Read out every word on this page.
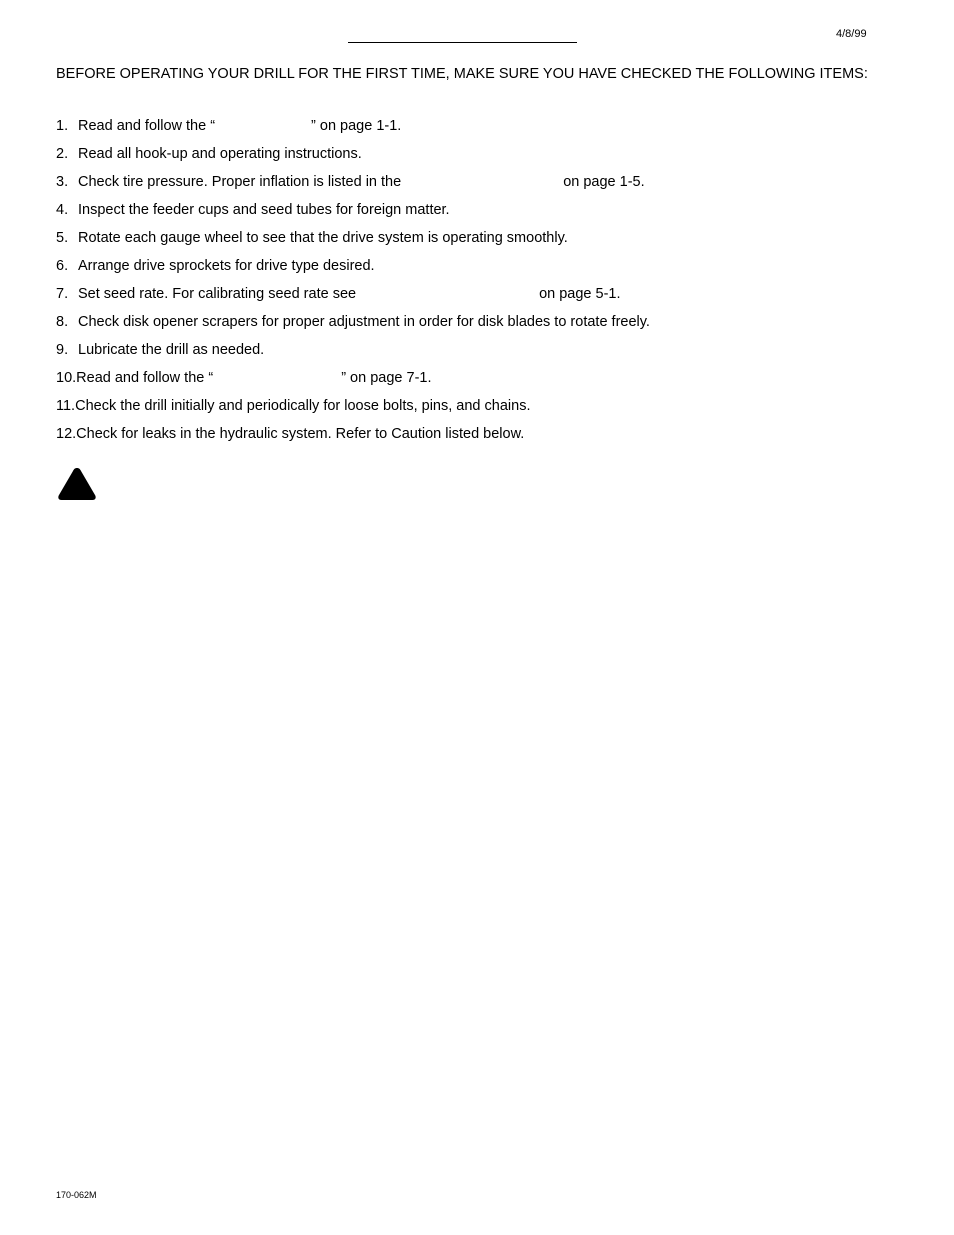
4/8/99

BEFORE OPERATING YOUR DRILL FOR THE FIRST TIME, MAKE SURE YOU HAVE CHECKED THE FOLLOWING ITEMS:

1. Read and follow the “	” on page 1-1.
2. Read all hook-up and operating instructions.
3. Check tire pressure. Proper inflation is listed in the	on page 1-5.
4. Inspect the feeder cups and seed tubes for foreign matter.
5. Rotate each gauge wheel to see that the drive system is operating smoothly.
6. Arrange drive sprockets for drive type desired.
7. Set seed rate. For calibrating seed rate see	on page 5-1.
8. Check disk opener scrapers for proper adjustment in order for disk blades to rotate freely.
9. Lubricate the drill as needed.
10.Read and follow the “	” on page 7-1.
11.Check the drill initially and periodically for loose bolts, pins, and chains.
12.Check for leaks in the hydraulic system. Refer to Caution listed below.
170-062M
